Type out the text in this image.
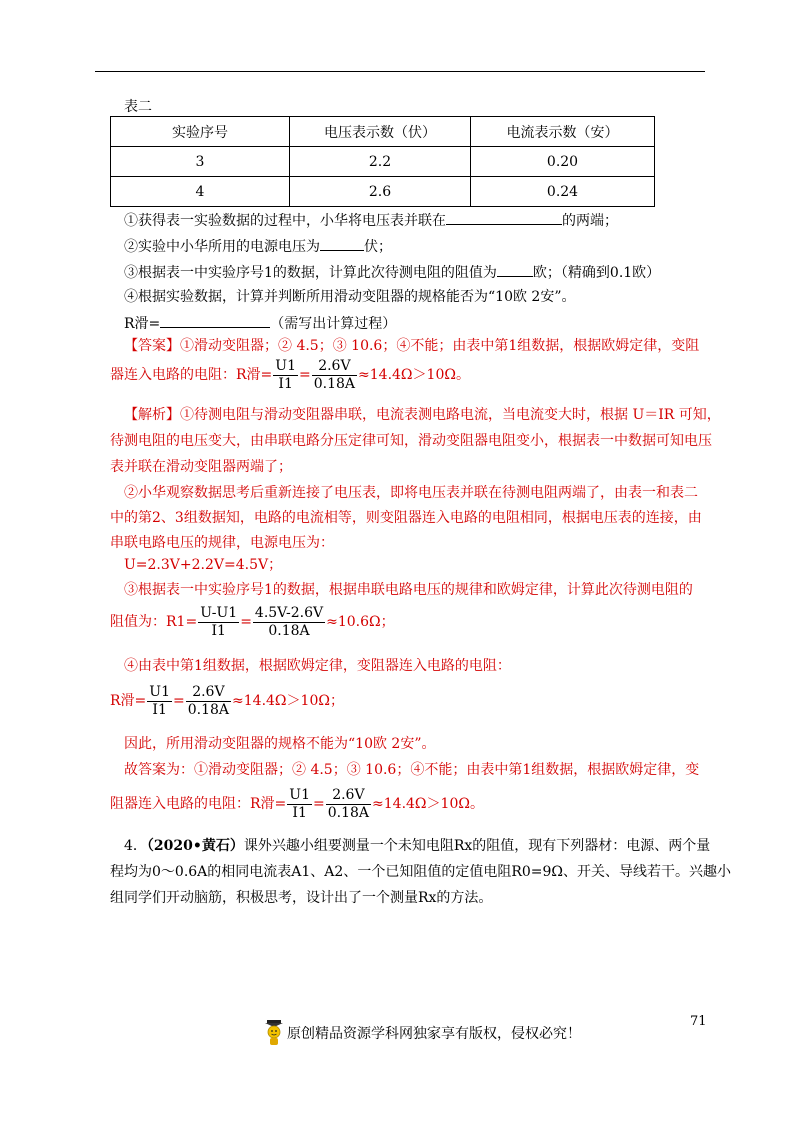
表二
实验序号	电压表示数（伏）	电流表示数（安）
3	2.2	0.20
4	2.6	0.24
①获得表一实验数据的过程中，小华将电压表并联在	的两端；
②实验中小华所用的电源电压为	伏；
③根据表一中实验序号1的数据，计算此次待测电阻的阻值为	欧；（精确到0.1欧）
④根据实验数据，计算并判断所用滑动变阻器的规格能否为“10欧 2安”。
R滑=	（需写出计算过程）
【答案】①滑动变阻器；② 4.5；③ 10.6；④不能；由表中第1组数据，根据欧姆定律，变阻
器连入电路的电阻：R滑= $\frac{U1}{I1} = \frac{2.6V}{0.18A} \approx 14.4\Omega>10\Omega$。
【解析】①待测电阻与滑动变阻器串联，电流表测电路电流，当电流变大时，根据 U＝IR 可知，
待测电阻的电压变大，由串联电路分压定律可知，滑动变阻器电阻变小，根据表一中数据可知电压
表并联在滑动变阻器两端了；
②小华观察数据思考后重新连接了电压表，即将电压表并联在待测电阻两端了，由表一和表二
中的第2、3组数据知，电路的电流相等，则变阻器连入电路的电阻相同，根据电压表的连接，由
串联电路电压的规律，电源电压为：
U=2.3V+2.2V=4.5V；
③根据表一中实验序号1的数据，根据串联电路电压的规律和欧姆定律，计算此次待测电阻的
阻值为：$R1= \frac{U-U1}{I1} = \frac{4.5V-2.6V}{0.18A} \approx 10.6\Omega$；
④由表中第1组数据，根据欧姆定律，变阻器连入电路的电阻：
R滑= $\frac{U1}{I1} = \frac{2.6V}{0.18A} \approx 14.4\Omega>10\Omega$；
因此，所用滑动变阻器的规格不能为“10欧 2安”。
故答案为：①滑动变阻器；② 4.5；③ 10.6；④不能；由表中第1组数据，根据欧姆定律，变
阻器连入电路的电阻：R滑= $\frac{U1}{I1} = \frac{2.6V}{0.18A} \approx 14.4\Omega>10\Omega$。
4．（2020•黄石）课外兴趣小组要测量一个未知电阻Rx的阻值，现有下列器材：电源、两个量
程均为0～0.6A的相同电流表A1、A2、一个已知阻值的定值电阻R0=9Ω、开关、导线若干。兴趣小
组同学们开动脑筋，积极思考，设计出了一个测量Rx的方法。
71
原创精品资源学科网独家享有版权，侵权必究！
